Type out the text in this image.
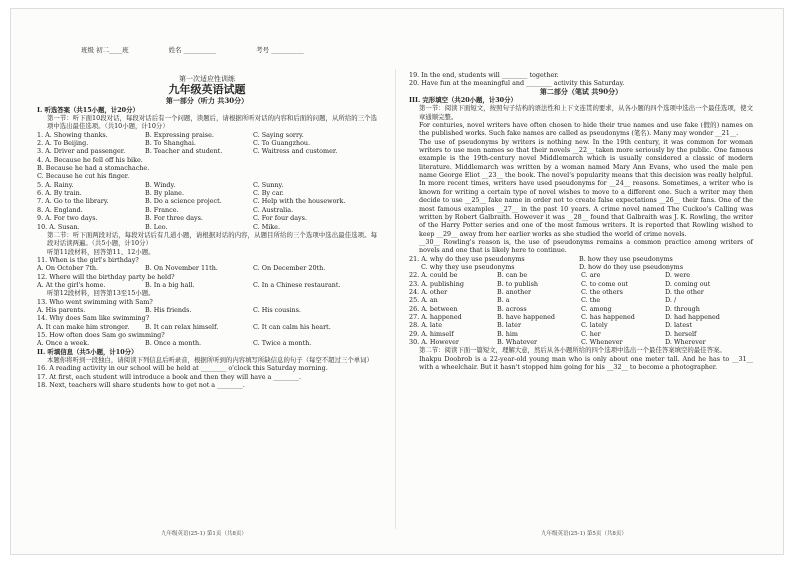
班级 初二____班	姓名 __________	考号 __________
第一次适应性训练
九年级英语试题
第一部分（听力 共30分）
I. 听选答案（共15小题，计20分）
第一节：听下面10段对话，每段对话后有一个问题，读题后，请根据所听对话的内容和后面的问题，从所给的三个选项中选出最佳选项。（共10小题，计10分）
1. A. Showing thanks.	B. Expressing praise.	C. Saying sorry.
2. A. To Beijing.	B. To Shanghai.	C. To Guangzhou.
3. A. Driver and passenger.	B. Teacher and student.	C. Waitress and customer.
4. A. Because he fell off his bike.
B. Because he had a stomachache.
C. Because he cut his finger.
5. A. Rainy.	B. Windy.	C. Sunny.
6. A. By train.	B. By plane.	C. By car.
7. A. Go to the library.	B. Do a science project.	C. Help with the housework.
8. A. England.	B. France.	C. Australia.
9. A. For two days.	B. For three days.	C. For four days.
10. A. Susan.	B. Leo.	C. Mike.
第二节：听下面两段对话，每段对话后有几道小题，请根据对话的内容，从题目所给的三个选项中选出最佳选项。每段对话读两遍。（共5小题，计10分）
听第11段材料，回答第11、12小题。
11. When is the girl's birthday?
A. On October 7th.	B. On November 11th.	C. On December 20th.
12. Where will the birthday party be held?
A. At the girl's home.	B. In a big hall.	C. In a Chinese restaurant.
听第12段材料，回答第13至15小题。
13. Who went swimming with Sam?
A. His parents.	B. His friends.	C. His cousins.
14. Why does Sam like swimming?
A. It can make him stronger.	B. It can relax himself.	C. It can calm his heart.
15. How often does Sam go swimming?
A. Once a week.	B. Once a month.	C. Twice a month.
II. 听填信息（共5小题，计10分）
本题你将听到一段独白，请阅读下列信息后听录音，根据所听到的内容填写所缺信息的句子（每空不超过三个单词）
16. A reading activity in our school will be held at ________ o'clock this Saturday morning.
17. At first, each student will introduce a book and then they will have a ________.
18. Next, teachers will share students how to get not a ________.
九年级英语(25-1) 第1页（共8页）
19. In the end, students will ________ together.
20. Have fun at the meaningful and ________ activity this Saturday.
第二部分（笔试 共90分）
III. 完形填空（共20小题，计30分）
第一节：阅读下面短文，按照句子结构的语法性和上下文连贯的要求，从各小题的四个选项中选出一个最佳选项，使文章通顺完整。
For centuries, novel writers have often chosen to hide their true names and use fake (假的) names on the published works. Such fake names are called as pseudonyms (笔名). Many may wonder __21__.
The use of pseudonyms by writers is nothing new. In the 19th century, it was common for woman writers to use men names so that their novels __22__ taken more seriously by the public. One famous example is the 19th-century novel Middlemarch which is usually considered a classic of modern literature. Middlemarch was written by a woman named Mary Ann Evans, who used the male pen name George Eliot __23__ the book. The novel's popularity means that this decision was really helpful. In more recent times, writers have used pseudonyms for __24__ reasons. Sometimes, a writer who is known for writing a certain type of novel wishes to move to a different one. Such a writer may then decide to use __25__ fake name in order not to create false expectations __26__ their fans. One of the most famous examples __27__ in the past 10 years. A crime novel named The Cuckoo's Calling was written by Robert Galbraith. However it was __28__ found that Galbraith was J. K. Rowling, the writer of the Harry Potter series and one of the most famous writers. It is reported that Rowling wished to keep __29__ away from her earlier works as she studied the world of crime novels.
__30__ Rowling's reason is, the use of pseudonyms remains a common practice among writers of novels and one that is likely here to continue.
21. A. why do they use pseudonyms	B. how they use pseudonyms
C. why they use pseudonyms	D. how do they use pseudonyms
22. A. could be	B. can be	C. are	D. were
23. A. publishing	B. to publish	C. to come out	D. coming out
24. A. other	B. another	C. the others	D. the other
25. A. an	B. a	C. the	D. /
26. A. between	B. across	C. among	D. through
27. A. happened	B. have happened	C. has happened	D. had happened
28. A. late	B. later	C. lately	D. latest
29. A. himself	B. him	C. her	D. herself
30. A. However	B. Whatever	C. Whenever	D. Wherever
第二节：阅读下面一篇短文，理解大意，然后从各小题所给的四个选项中选出一个最佳答案填空的最佳答案。
Ihakpu Doobrob is a 22-year-old young man who is only about one meter tall. And he has to __31__ with a wheelchair. But it hasn't stopped him going for his __32__ to become a photographer.
九年级英语(25-1) 第5页（共8页）
